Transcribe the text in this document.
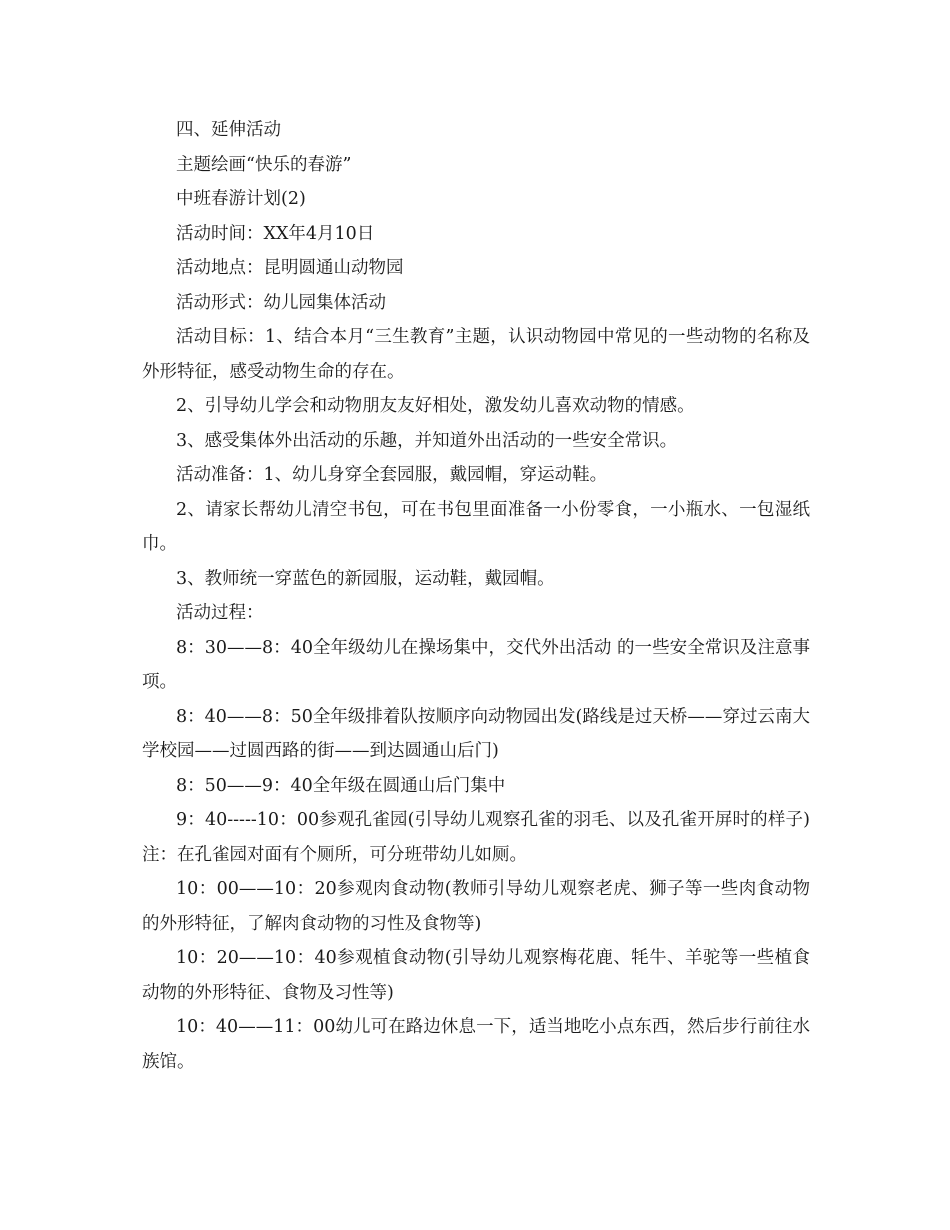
四、延伸活动

主题绘画“快乐的春游”

中班春游计划(2)

活动时间：XX年4月10日

活动地点：昆明圆通山动物园

活动形式：幼儿园集体活动

活动目标：1、结合本月“三生教育”主题，认识动物园中常见的一些动物的名称及外形特征，感受动物生命的存在。

2、引导幼儿学会和动物朋友友好相处，激发幼儿喜欢动物的情感。

3、感受集体外出活动的乐趣，并知道外出活动的一些安全常识。

活动准备：1、幼儿身穿全套园服，戴园帽，穿运动鞋。

2、请家长帮幼儿清空书包，可在书包里面准备一小份零食，一小瓶水、一包湿纸巾。

3、教师统一穿蓝色的新园服，运动鞋，戴园帽。

活动过程：

8：30——8：40全年级幼儿在操场集中，交代外出活动 的一些安全常识及注意事项。

8：40——8：50全年级排着队按顺序向动物园出发(路线是过天桥——穿过云南大学校园——过圆西路的街——到达圆通山后门)

8：50——9：40全年级在圆通山后门集中

9：40-----10：00参观孔雀园(引导幼儿观察孔雀的羽毛、以及孔雀开屏时的样子)注：在孔雀园对面有个厕所，可分班带幼儿如厕。

10：00——10：20参观肉食动物(教师引导幼儿观察老虎、狮子等一些肉食动物的外形特征，了解肉食动物的习性及食物等)

10：20——10：40参观植食动物(引导幼儿观察梅花鹿、牦牛、羊驼等一些植食动物的外形特征、食物及习性等)

10：40——11：00幼儿可在路边休息一下，适当地吃小点东西，然后步行前往水族馆。
